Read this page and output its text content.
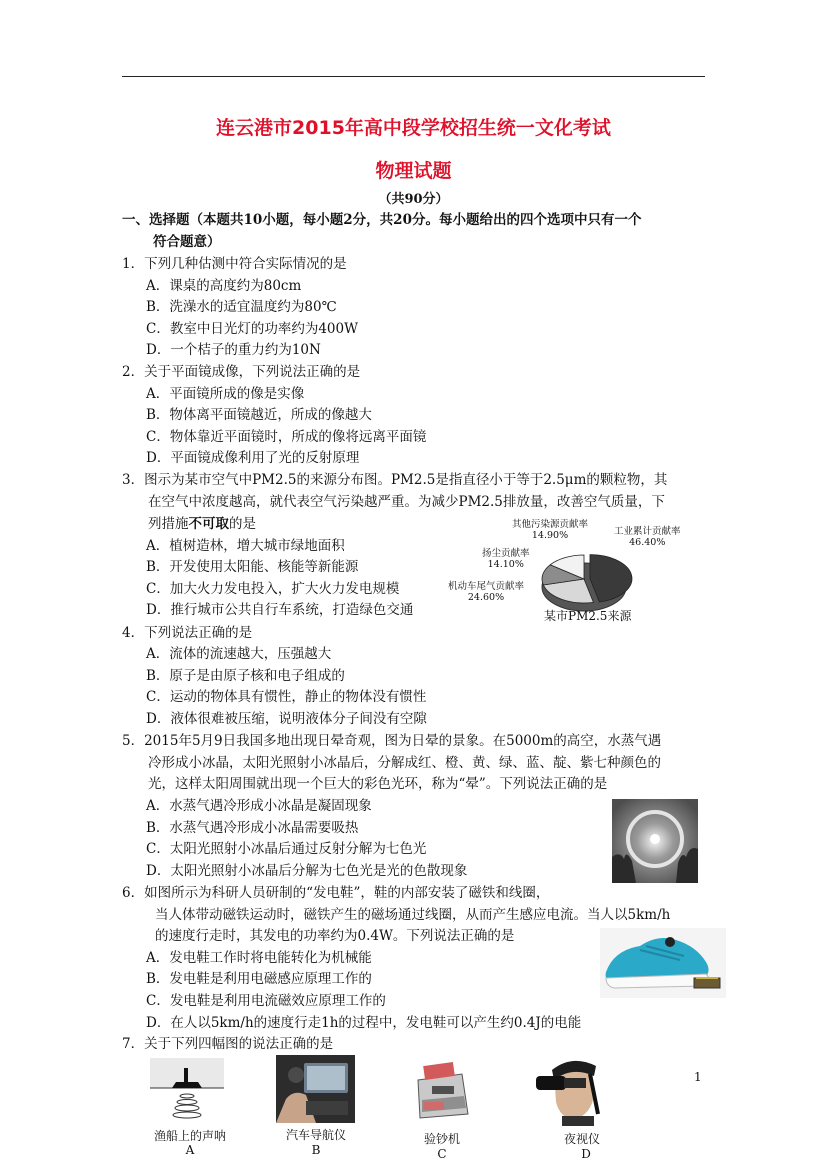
连云港市2015年高中段学校招生统一文化考试
物理试题
（共90分）
一、选择题（本题共10小题，每小题2分，共20分。每小题给出的四个选项中只有一个
符合题意）
1．下列几种估测中符合实际情况的是
A．课桌的高度约为80cm
B．洗澡水的适宜温度约为80℃
C．教室中日光灯的功率约为400W
D．一个桔子的重力约为10N
2．关于平面镜成像，下列说法正确的是
A．平面镜所成的像是实像
B．物体离平面镜越近，所成的像越大
C．物体靠近平面镜时，所成的像将远离平面镜
D．平面镜成像利用了光的反射原理
3．图示为某市空气中PM2.5的来源分布图。PM2.5是指直径小于等于2.5μm的颗粒物，其
在空气中浓度越高，就代表空气污染越严重。为减少PM2.5排放量，改善空气质量，下
列措施不可取的是
A．植树造林，增大城市绿地面积
B．开发使用太阳能、核能等新能源
C．加大火力发电投入，扩大火力发电规模
D．推行城市公共自行车系统，打造绿色交通
其他污染源贡献率
14.90%	工业累计贡献率
46.40%
扬尘贡献率
14.10%
机动车尾气贡献率
24.60%
某市PM2.5来源
4．下列说法正确的是
A．流体的流速越大，压强越大
B．原子是由原子核和电子组成的
C．运动的物体具有惯性，静止的物体没有惯性
D．液体很难被压缩，说明液体分子间没有空隙
5．2015年5月9日我国多地出现日晕奇观，图为日晕的景象。在5000m的高空，水蒸气遇
冷形成小冰晶，太阳光照射小冰晶后，分解成红、橙、黄、绿、蓝、靛、紫七种颜色的
光，这样太阳周围就出现一个巨大的彩色光环，称为“晕”。下列说法正确的是
A．水蒸气遇冷形成小冰晶是凝固现象
B．水蒸气遇冷形成小冰晶需要吸热
C．太阳光照射小冰晶后通过反射分解为七色光
D．太阳光照射小冰晶后分解为七色光是光的色散现象
6．如图所示为科研人员研制的“发电鞋”，鞋的内部安装了磁铁和线圈，
当人体带动磁铁运动时，磁铁产生的磁场通过线圈，从而产生感应电流。当人以5km/h
的速度行走时，其发电的功率约为0.4W。下列说法正确的是
A．发电鞋工作时将电能转化为机械能
B．发电鞋是利用电磁感应原理工作的
C．发电鞋是利用电流磁效应原理工作的
D．在人以5km/h的速度行走1h的过程中，发电鞋可以产生约0.4J的电能
7．关于下列四幅图的说法正确的是
渔船上的声呐
A
汽车导航仪
B
验钞机
C
夜视仪
D
1
